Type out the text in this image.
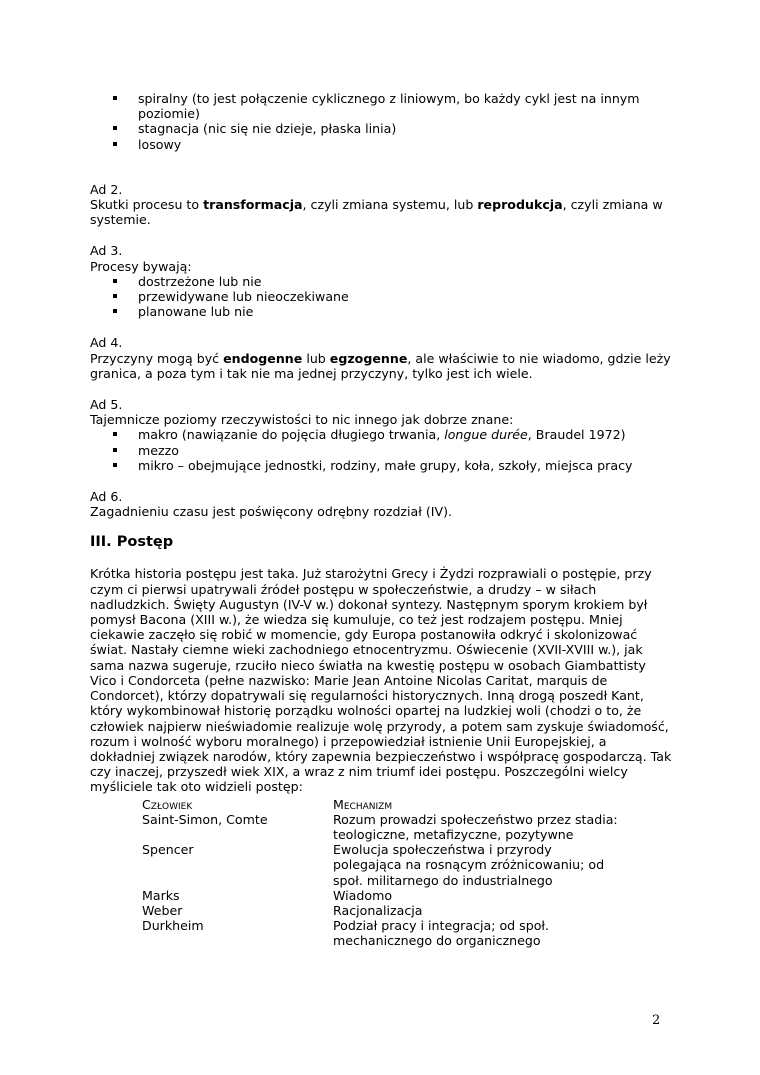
spiralny (to jest połączenie cyklicznego z liniowym, bo każdy cykl jest na innym poziomie)
stagnacja (nic się nie dzieje, płaska linia)
losowy

Ad 2.

Skutki procesu to transformacja, czyli zmiana systemu, lub reprodukcja, czyli zmiana w systemie.

Ad 3.

Procesy bywają:

dostrzeżone lub nie
przewidywane lub nieoczekiwane
planowane lub nie

Ad 4.

Przyczyny mogą być endogenne lub egzogenne, ale właściwie to nie wiadomo, gdzie leży granica, a poza tym i tak nie ma jednej przyczyny, tylko jest ich wiele.

Ad 5.

Tajemnicze poziomy rzeczywistości to nic innego jak dobrze znane:

makro (nawiązanie do pojęcia długiego trwania, longue durée, Braudel 1972)
mezzo
mikro – obejmujące jednostki, rodziny, małe grupy, koła, szkoły, miejsca pracy

Ad 6.

Zagadnieniu czasu jest poświęcony odrębny rozdział (IV).

III. Postęp

Krótka historia postępu jest taka. Już starożytni Grecy i Żydzi rozprawiali o postępie, przy czym ci pierwsi upatrywali źródeł postępu w społeczeństwie, a drudzy – w siłach nadludzkich. Święty Augustyn (IV-V w.) dokonał syntezy. Następnym sporym krokiem był pomysł Bacona (XIII w.), że wiedza się kumuluje, co też jest rodzajem postępu. Mniej ciekawie zaczęło się robić w momencie, gdy Europa postanowiła odkryć i skolonizować świat. Nastały ciemne wieki zachodniego etnocentryzmu. Oświecenie (XVII-XVIII w.), jak sama nazwa sugeruje, rzuciło nieco światła na kwestię postępu w osobach Giambattisty Vico i Condorceta (pełne nazwisko: Marie Jean Antoine Nicolas Caritat, marquis de Condorcet), którzy dopatrywali się regularności historycznych. Inną drogą poszedł Kant, który wykombinował historię porządku wolności opartej na ludzkiej woli (chodzi o to, że człowiek najpierw nieświadomie realizuje wolę przyrody, a potem sam zyskuje świadomość, rozum i wolność wyboru moralnego) i przepowiedział istnienie Unii Europejskiej, a dokładniej związek narodów, który zapewnia bezpieczeństwo i współpracę gospodarczą. Tak czy inaczej, przyszedł wiek XIX, a wraz z nim triumf idei postępu. Poszczególni wielcy myśliciele tak oto widzieli postęp:

Człowiek	Mechanizm
Saint-Simon, Comte	Rozum prowadzi społeczeństwo przez stadia: teologiczne, metafizyczne, pozytywne
Spencer	Ewolucja społeczeństwa i przyrody polegająca na rosnącym zróżnicowaniu; od społ. militarnego do industrialnego
Marks	Wiadomo
Weber	Racjonalizacja
Durkheim	Podział pracy i integracja; od społ. mechanicznego do organicznego
2
